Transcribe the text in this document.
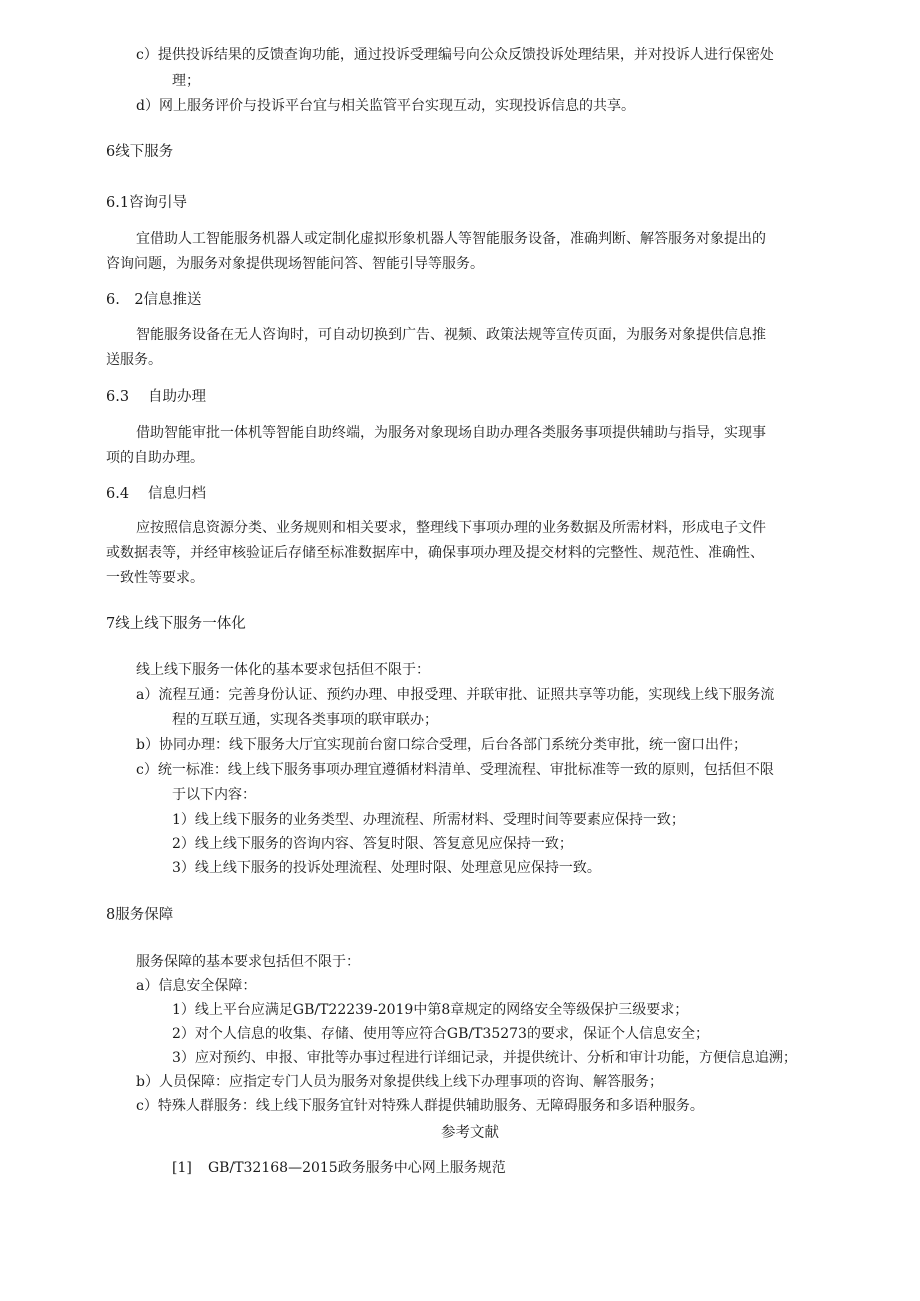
c）提供投诉结果的反馈查询功能，通过投诉受理编号向公众反馈投诉处理结果，并对投诉人进行保密处
理；
d）网上服务评价与投诉平台宜与相关监管平台实现互动，实现投诉信息的共享。
6线下服务
6.1咨询引导
宜借助人工智能服务机器人或定制化虚拟形象机器人等智能服务设备，准确判断、解答服务对象提出的
咨询问题，为服务对象提供现场智能问答、智能引导等服务。
6.　2信息推送
智能服务设备在无人咨询时，可自动切换到广告、视频、政策法规等宣传页面，为服务对象提供信息推
送服务。
6.3 自助办理
借助智能审批一体机等智能自助终端，为服务对象现场自助办理各类服务事项提供辅助与指导，实现事
项的自助办理。
6.4 信息归档
应按照信息资源分类、业务规则和相关要求，整理线下事项办理的业务数据及所需材料，形成电子文件
或数据表等，并经审核验证后存储至标准数据库中，确保事项办理及提交材料的完整性、规范性、准确性、
一致性等要求。
7线上线下服务一体化
线上线下服务一体化的基本要求包括但不限于：
a）流程互通：完善身份认证、预约办理、申报受理、并联审批、证照共享等功能，实现线上线下服务流
程的互联互通，实现各类事项的联审联办；
b）协同办理：线下服务大厅宜实现前台窗口综合受理，后台各部门系统分类审批，统一窗口出件；
c）统一标准：线上线下服务事项办理宜遵循材料清单、受理流程、审批标准等一致的原则，包括但不限
于以下内容：
1）线上线下服务的业务类型、办理流程、所需材料、受理时间等要素应保持一致；
2）线上线下服务的咨询内容、答复时限、答复意见应保持一致；
3）线上线下服务的投诉处理流程、处理时限、处理意见应保持一致。
8服务保障
服务保障的基本要求包括但不限于：
a）信息安全保障：
1）线上平台应满足GB/T22239-2019中第8章规定的网络安全等级保护三级要求；
2）对个人信息的收集、存储、使用等应符合GB/T35273的要求，保证个人信息安全；
3）应对预约、申报、审批等办事过程进行详细记录，并提供统计、分析和审计功能，方便信息追溯；
b）人员保障：应指定专门人员为服务对象提供线上线下办理事项的咨询、解答服务；
c）特殊人群服务：线上线下服务宜针对特殊人群提供辅助服务、无障碍服务和多语种服务。
参考文献
[1] GB/T32168—2015政务服务中心网上服务规范
